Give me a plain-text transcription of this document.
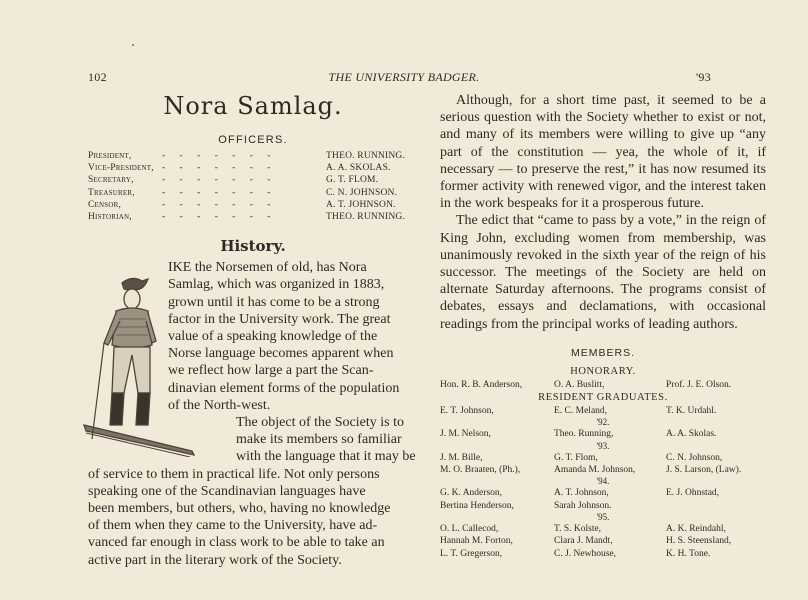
102	THE UNIVERSITY BADGER.	'93
Nora Samlag.
OFFICERS.
President,	- - - - - - -	THEO. RUNNING.
Vice-President, - - - - - - -	A. A. SKOLAS.
Secretary,	- - - - - - -	G. T. FLOM.
Treasurer,	- - - - - - -	C. N. JOHNSON.
Censor,	- - - - - - -	A. T. JOHNSON.
Historian,	- - - - - - -	THEO. RUNNING.
History.
IKE the Norsemen of old, has Nora
Samlag, which was organized in 1883,
grown until it has come to be a strong
factor in the University work. The great
value of a speaking knowledge of the
Norse language becomes apparent when
we reflect how large a part the Scan-
dinavian element forms of the population
of the North-west.
The object of the Society is to
make its members so familiar
with the language that it may be
of service to them in practical life. Not only persons
speaking one of the Scandinavian languages have
been members, but others, who, having no knowledge
of them when they came to the University, have ad-
vanced far enough in class work to be able to take an
active part in the literary work of the Society.

Although, for a short time past, it seemed to be a serious question with the Society whether to exist or not, and many of its members were willing to give up “any part of the constitution — yea, the whole of it, if necessary — to preserve the rest,” it has now resumed its former activity with renewed vigor, and the interest taken in the work bespeaks for it a prosperous future.

The edict that “came to pass by a vote,” in the reign of King John, excluding women from membership, was unanimously revoked in the sixth year of the reign of his successor. The meetings of the Society are held on alternate Saturday afternoons. The programs consist of debates, essays and declamations, with occasional readings from the principal works of leading authors.

MEMBERS.
HONORARY.
Hon. R. B. Anderson,	O. A. Buslitt,	Prof. J. E. Olson.
RESIDENT GRADUATES.
E. T. Johnson,	E. C. Meland,	T. K. Urdahl.
'92.
J. M. Nelson,	Theo. Running,	A. A. Skolas.
'93.
J. M. Bille,	G. T. Flom,	C. N. Johnson,
M. O. Braaten, (Ph.),	Amanda M. Johnson,	J. S. Larson, (Law).
'94.
G. K. Anderson,	A. T. Johnson,	E. J. Ohnstad,
Bertina Henderson,	Sarah Johnson.
'95.
O. L. Callecod,	T. S. Kolste,	A. K. Reindahl,
Hannah M. Forton,	Clara J. Mandt,	H. S. Steensland,
L. T. Gregerson,	C. J. Newhouse,	K. H. Tone.
